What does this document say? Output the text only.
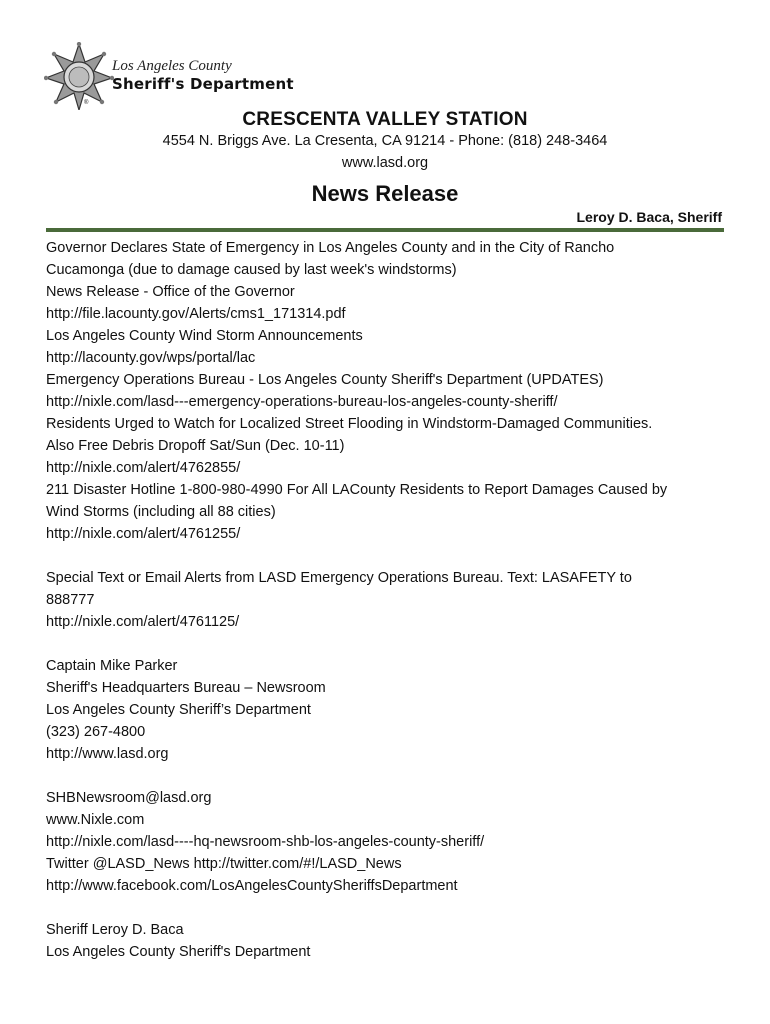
Los Angeles County
Sheriff's Department
®
CRESCENTA VALLEY STATION
4554 N. Briggs Ave. La Cresenta, CA 91214 - Phone: (818) 248-3464
www.lasd.org
News Release
Leroy D. Baca, Sheriff
Governor Declares State of Emergency in Los Angeles County and in the City of Rancho
Cucamonga (due to damage caused by last week's windstorms)
News Release - Office of the Governor
http://file.lacounty.gov/Alerts/cms1_171314.pdf
Los Angeles County Wind Storm Announcements
http://lacounty.gov/wps/portal/lac
Emergency Operations Bureau - Los Angeles County Sheriff's Department (UPDATES)
http://nixle.com/lasd---emergency-operations-bureau-los-angeles-county-sheriff/
Residents Urged to Watch for Localized Street Flooding in Windstorm-Damaged Communities.
Also Free Debris Dropoff Sat/Sun (Dec. 10-11)
http://nixle.com/alert/4762855/
211 Disaster Hotline 1-800-980-4990 For All LACounty Residents to Report Damages Caused by
Wind Storms (including all 88 cities)
http://nixle.com/alert/4761255/
Special Text or Email Alerts from LASD Emergency Operations Bureau. Text: LASAFETY to
888777
http://nixle.com/alert/4761125/
Captain Mike Parker
Sheriff's Headquarters Bureau – Newsroom
Los Angeles County Sheriff’s Department
(323) 267-4800
http://www.lasd.org
SHBNewsroom@lasd.org
www.Nixle.com
http://nixle.com/lasd----hq-newsroom-shb-los-angeles-county-sheriff/
Twitter @LASD_News http://twitter.com/#!/LASD_News
http://www.facebook.com/LosAngelesCountySheriffsDepartment
Sheriff Leroy D. Baca
Los Angeles County Sheriff's Department
